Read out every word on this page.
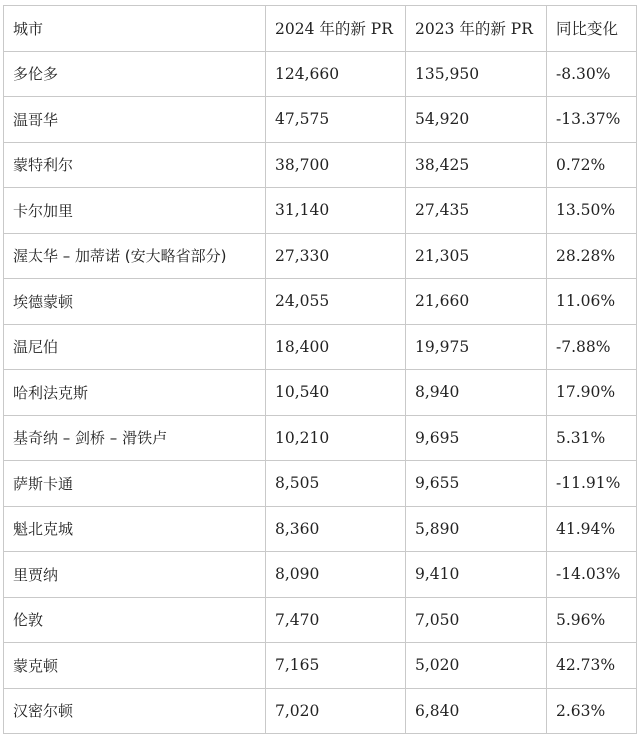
城市	2024 年的新 PR	2023 年的新 PR	同比变化
多伦多	124,660	135,950	-8.30%
温哥华	47,575	54,920	-13.37%
蒙特利尔	38,700	38,425	0.72%
卡尔加里	31,140	27,435	13.50%
渥太华 – 加蒂诺 (安大略省部分)	27,330	21,305	28.28%
埃德蒙顿	24,055	21,660	11.06%
温尼伯	18,400	19,975	-7.88%
哈利法克斯	10,540	8,940	17.90%
基奇纳 – 剑桥 – 滑铁卢	10,210	9,695	5.31%
萨斯卡通	8,505	9,655	-11.91%
魁北克城	8,360	5,890	41.94%
里贾纳	8,090	9,410	-14.03%
伦敦	7,470	7,050	5.96%
蒙克顿	7,165	5,020	42.73%
汉密尔顿	7,020	6,840	2.63%
